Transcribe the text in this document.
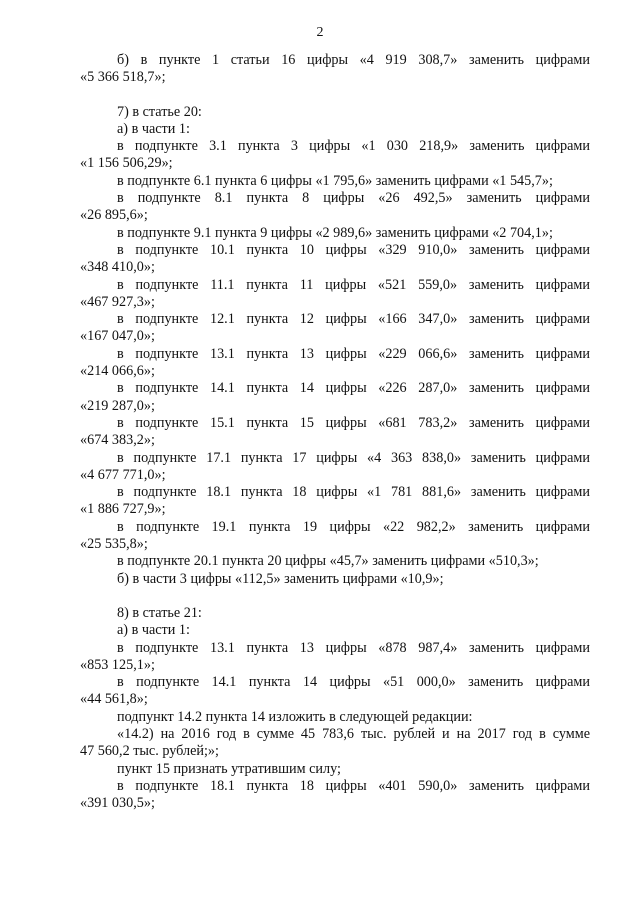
2

б) в пункте 1 статьи 16 цифры «4 919 308,7» заменить цифрами

«5 366 518,7»;

7) в статье 20:

а) в части 1:

в подпункте 3.1 пункта 3 цифры «1 030 218,9» заменить цифрами

«1 156 506,29»;

в подпункте 6.1 пункта 6 цифры «1 795,6» заменить цифрами «1 545,7»;

в подпункте 8.1 пункта 8 цифры «26 492,5» заменить цифрами

«26 895,6»;

в подпункте 9.1 пункта 9 цифры «2 989,6» заменить цифрами «2 704,1»;

в подпункте 10.1 пункта 10 цифры «329 910,0» заменить цифрами

«348 410,0»;

в подпункте 11.1 пункта 11 цифры «521 559,0» заменить цифрами

«467 927,3»;

в подпункте 12.1 пункта 12 цифры «166 347,0» заменить цифрами

«167 047,0»;

в подпункте 13.1 пункта 13 цифры «229 066,6» заменить цифрами

«214 066,6»;

в подпункте 14.1 пункта 14 цифры «226 287,0» заменить цифрами

«219 287,0»;

в подпункте 15.1 пункта 15 цифры «681 783,2» заменить цифрами

«674 383,2»;

в подпункте 17.1 пункта 17 цифры «4 363 838,0» заменить цифрами

«4 677 771,0»;

в подпункте 18.1 пункта 18 цифры «1 781 881,6» заменить цифрами

«1 886 727,9»;

в подпункте 19.1 пункта 19 цифры «22 982,2» заменить цифрами

«25 535,8»;

в подпункте 20.1 пункта 20 цифры «45,7» заменить цифрами «510,3»;

б) в части 3 цифры «112,5» заменить цифрами «10,9»;

8) в статье 21:

а) в части 1:

в подпункте 13.1 пункта 13 цифры «878 987,4» заменить цифрами

«853 125,1»;

в подпункте 14.1 пункта 14 цифры «51 000,0» заменить цифрами

«44 561,8»;

подпункт 14.2 пункта 14 изложить в следующей редакции:

«14.2) на 2016 год в сумме 45 783,6 тыс. рублей и на 2017 год в сумме

47 560,2 тыс. рублей;»;

пункт 15 признать утратившим силу;

в подпункте 18.1 пункта 18 цифры «401 590,0» заменить цифрами

«391 030,5»;
